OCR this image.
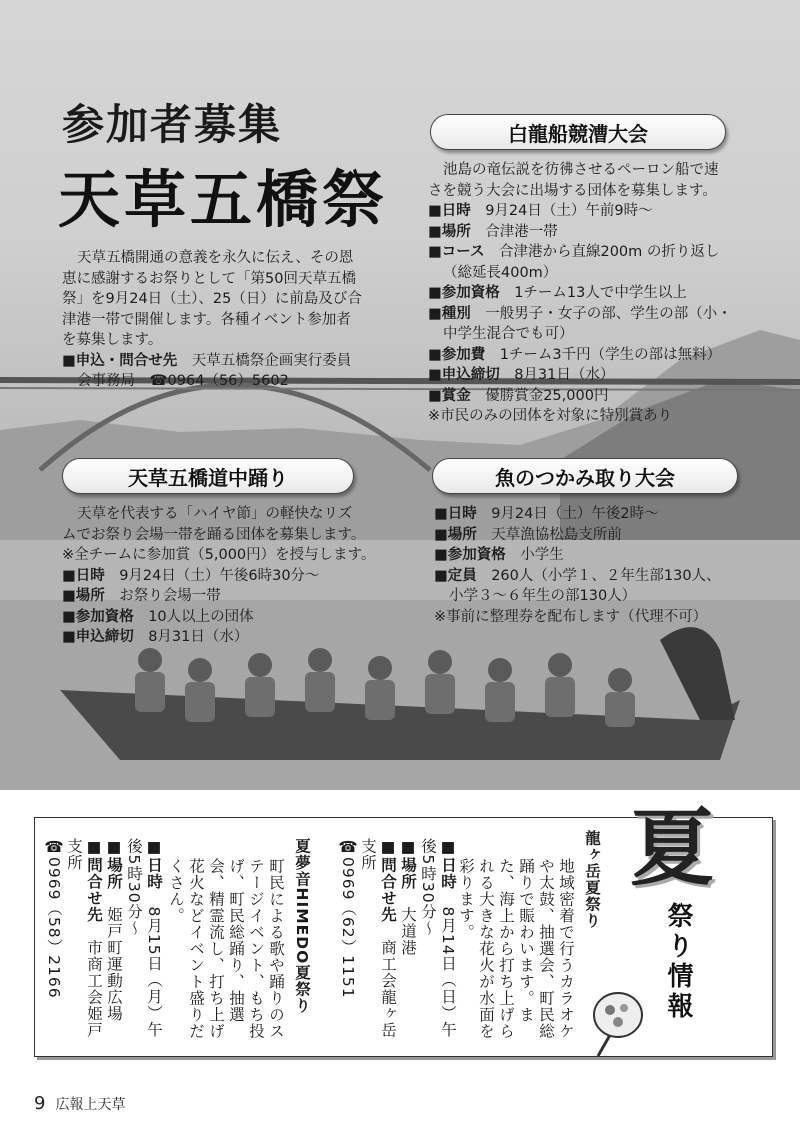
参加者募集
天草五橋祭

天草五橋開通の意義を永久に伝え、その恩

恵に感謝するお祭りとして「第50回天草五橋

祭」を9月24日（土）、25（日）に前島及び合

津港一帯で開催します。各種イベント参加者

を募集します。

■申込・問合せ先　 天草五橋祭企画実行委員

会事務局　☎0964（56）5602

白龍船競漕大会

池島の竜伝説を彷彿させるペーロン船で速

さを競う大会に出場する団体を募集します。

■日時　 9月24日（土）午前9時～

■場所　 合津港一帯

■コース　 合津港から直線200m の折り返し

（総延長400m）

■参加資格　 1チーム13人で中学生以上

■種別　 一般男子・女子の部、学生の部（小・

中学生混合でも可）

■参加費　 1チーム3千円（学生の部は無料）

■申込締切　 8月31日（水）

■賞金　 優勝賞金25,000円

※市民のみの団体を対象に特別賞あり

天草五橋道中踊り

天草を代表する「ハイヤ節」の軽快なリズ

ムでお祭り会場一帯を踊る団体を募集します。

※全チームに参加賞（5,000円）を授与します。

■日時　 9月24日（土）午後6時30分～

■場所　 お祭り会場一帯

■参加資格　 10人以上の団体

■申込締切　 8月31日（水）

魚のつかみ取り大会

■日時　 9月24日（土）午後2時～

■場所　 天草漁協松島支所前

■参加資格　 小学生

■定員　 260人（小学１、２年生部130人、

小学３～６年生の部130人）

※事前に整理券を配布します（代理不可）

夏
祭り情報

龍ヶ岳夏祭り

地域密着で行うカラオケや太鼓、抽選会、町民総踊りで賑わいます。また、海上から打ち上げられる大きな花火が水面を彩ります。

■日時　8月14日（日）午後5時30分～

■場所　大道港

■問合せ先　商工会龍ヶ岳支所

☎0969（62）1151

夏夢音HIMEDO夏祭り

町民による歌や踊りのステージイベント、もち投げ、町民総踊り、抽選会、精霊流し、打ち上げ花火などイベント盛りだくさん。

■日時　8月15日（月）午後5時30分～

■場所　姫戸町運動広場

■問合せ先　市商工会姫戸支所

☎0969（58）2166

9 広報上天草
